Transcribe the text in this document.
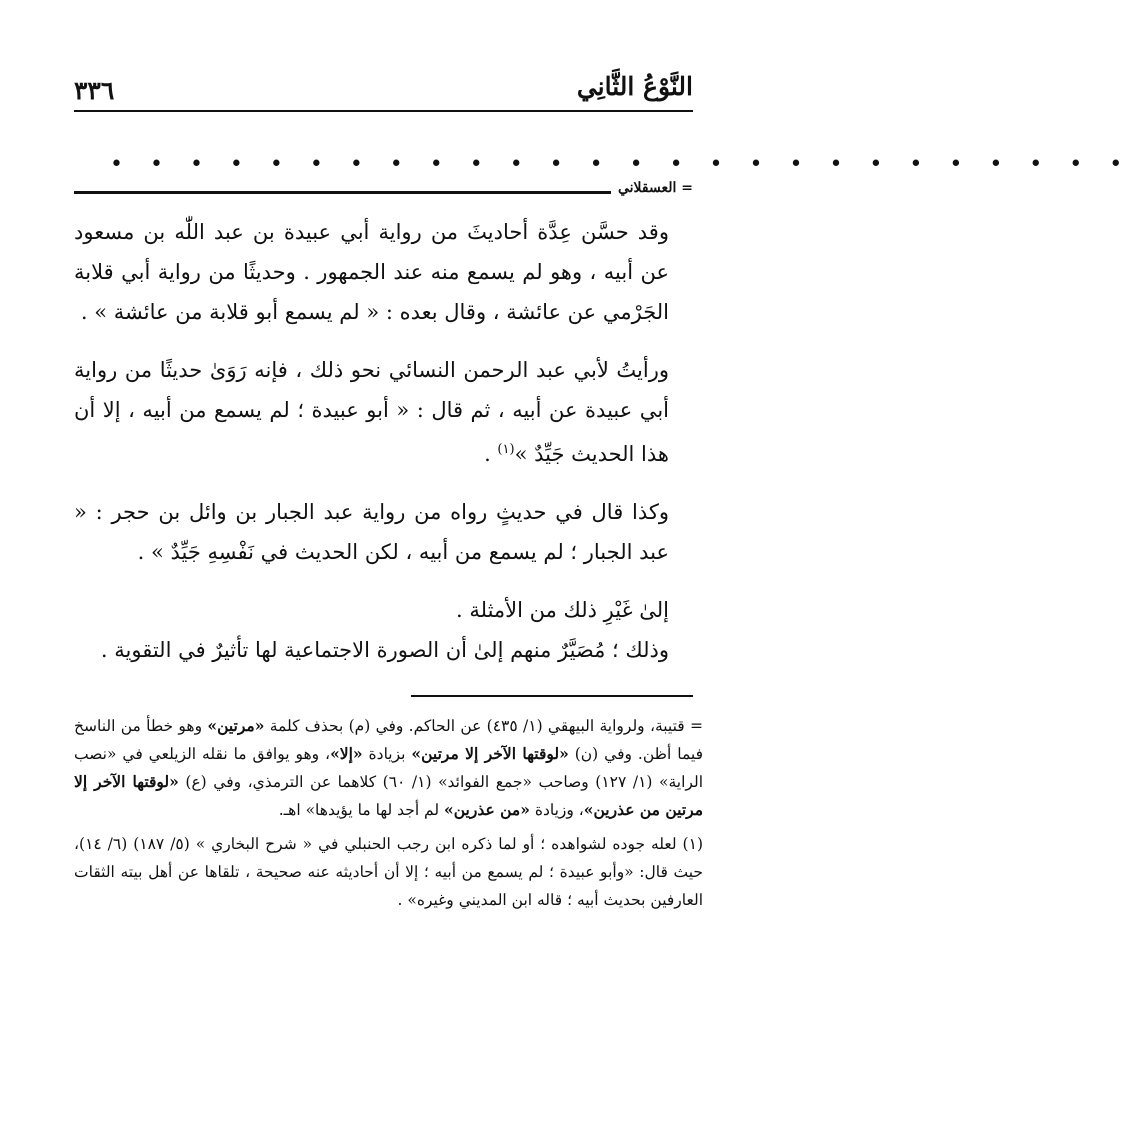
٣٣٦	النَّوْعُ الثَّانِي
• • • • • • • • • • • • • • • • • • • • • • • • • •
العسقلاني =

وقد حسَّن عِدَّة أحاديثَ من رواية أبي عبيدة بن عبد اللّٰه بن مسعود عن أبيه ، وهو لم يسمع منه عند الجمهور . وحديثًا من رواية أبي قلابة الجَرْمي عن عائشة ، وقال بعده : « لم يسمع أبو قلابة من عائشة » .

ورأيتُ لأبي عبد الرحمن النسائي نحو ذلك ، فإنه رَوَىٰ حديثًا من رواية أبي عبيدة عن أبيه ، ثم قال : « أبو عبيدة ؛ لم يسمع من أبيه ، إلا أن هذا الحديث جَيِّدٌ »$^{(١)}$ .

وكذا قال في حديثٍ رواه من رواية عبد الجبار بن وائل بن حجر : « عبد الجبار ؛ لم يسمع من أبيه ، لكن الحديث في نَفْسِهِ جَيِّدٌ » .

إلىٰ غَيْرِ ذلك من الأمثلة .

وذلك ؛ مُصَيَّرٌ منهم إلىٰ أن الصورة الاجتماعية لها تأثيرٌ في التقوية .

= قتيبة، ولرواية البيهقي (١/ ٤٣٥) عن الحاكم. وفي (م) بحذف كلمة «مرتين» وهو خطأ من الناسخ فيما أظن. وفي (ن) «لوقتها الآخر إلا مرتين» بزيادة «إلا»، وهو يوافق ما نقله الزيلعي في «نصب الراية» (١/ ١٢٧) وصاحب «جمع الفوائد» (١/ ٦٠) كلاهما عن الترمذي، وفي (ع) «لوقتها الآخر إلا مرتين من عذرين»، وزيادة «من عذرين» لم أجد لها ما يؤيدها» اهـ.

(١) لعله جوده لشواهده ؛ أو لما ذكره ابن رجب الحنبلي في « شرح البخاري » (٥/ ١٨٧) (٦/ ١٤)، حيث قال: «وأبو عبيدة ؛ لم يسمع من أبيه ؛ إلا أن أحاديثه عنه صحيحة ، تلقاها عن أهل بيته الثقات العارفين بحديث أبيه ؛ قاله ابن المديني وغيره» .
